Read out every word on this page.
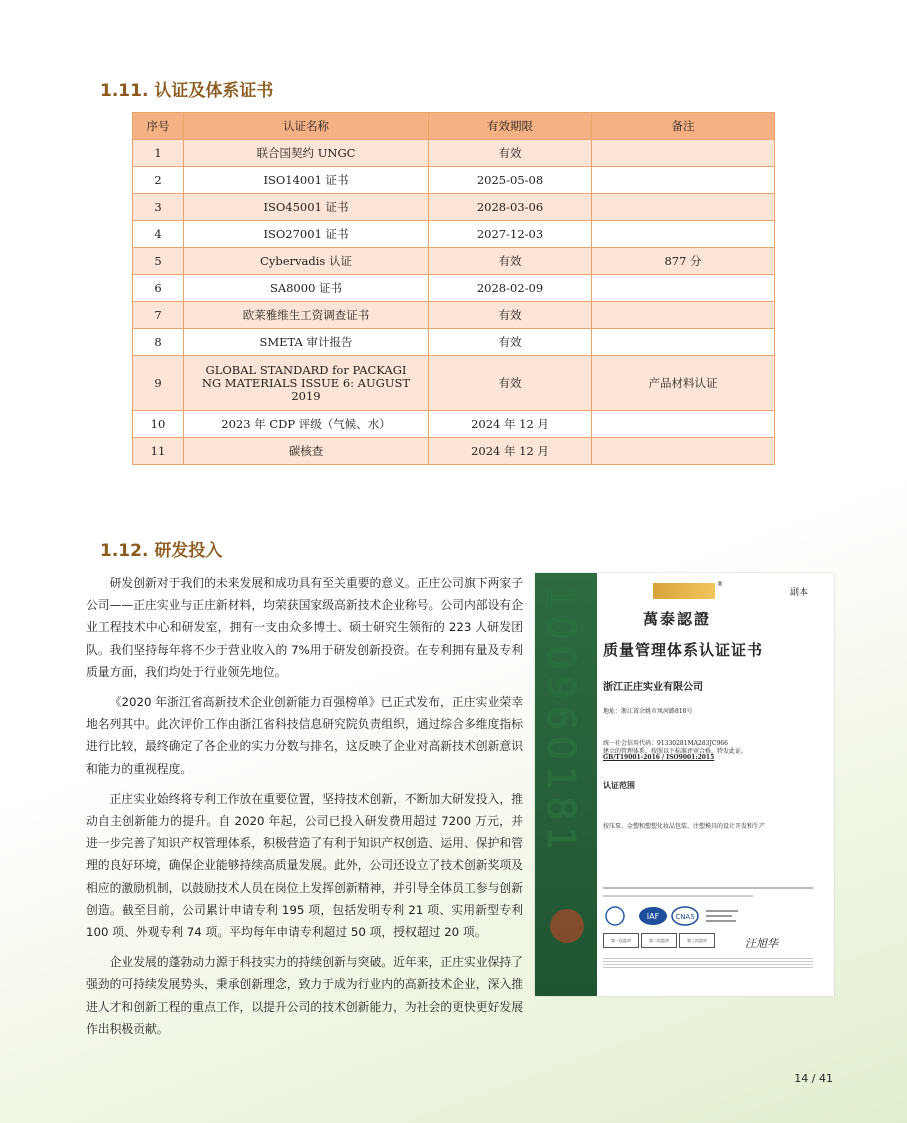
1.11. 认证及体系证书
序号	认证名称	有效期限	备注
1	联合国契约 UNGC	有效	
2	ISO14001 证书	2025-05-08	
3	ISO45001 证书	2028-03-06	
4	ISO27001 证书	2027-12-03	
5	Cybervadis 认证	有效	877 分
6	SA8000 证书	2028-02-09	
7	欧莱雅维生工资调查证书	有效	
8	SMETA 审计报告	有效	
9	GLOBAL STANDARD for PACKAGING MATERIALS ISSUE 6: AUGUST 2019	有效	产品材料认证
10	2023 年 CDP 评级（气候、水）	2024 年 12 月	
11	碳核查	2024 年 12 月	
1.12. 研发投入

研发创新对于我们的未来发展和成功具有至关重要的意义。正庄公司旗下两家子公司——正庄实业与正庄新材料，均荣获国家级高新技术企业称号。公司内部设有企业工程技术中心和研发室，拥有一支由众多博士、硕士研究生领衔的 223 人研发团队。我们坚持每年将不少于营业收入的 7%用于研发创新投资。在专利拥有量及专利质量方面，我们均处于行业领先地位。

《2020 年浙江省高新技术企业创新能力百强榜单》已正式发布，正庄实业荣幸地名列其中。此次评价工作由浙江省科技信息研究院负责组织，通过综合多维度指标进行比较，最终确定了各企业的实力分数与排名，这反映了企业对高新技术创新意识和能力的重视程度。

正庄实业始终将专利工作放在重要位置，坚持技术创新，不断加大研发投入，推动自主创新能力的提升。自 2020 年起，公司已投入研发费用超过 7200 万元，并进一步完善了知识产权管理体系，积极营造了有利于知识产权创造、运用、保护和管理的良好环境，确保企业能够持续高质量发展。此外，公司还设立了技术创新奖项及相应的激励机制，以鼓励技术人员在岗位上发挥创新精神，并引导全体员工参与创新创造。截至目前，公司累计申请专利 195 项，包括发明专利 21 项、实用新型专利 100 项、外观专利 74 项。平均每年申请专利超过 50 项，授权超过 20 项。

企业发展的蓬勃动力源于科技实力的持续创新与突破。近年来，正庄实业保持了强劲的可持续发展势头，秉承创新理念，致力于成为行业内的高新技术企业，深入推进人才和创新工程的重点工作，以提升公司的技术创新能力，为社会的更快更好发展作出积极贡献。

100960181
®
副本
萬泰認證
质量管理体系认证证书
浙江正庄实业有限公司
地址：浙江省余姚市凤河路818号
统一社会信用代码：91330281MA283JC966
建立的管理体系，按照以下标准评审合格，特发此证。
GB/T19001-2016 / ISO9001:2015
认证范围
按压泵、金塑和塑塑化妆品包装、注塑模具的设计开发和生产
IAF CNAS
第一次监审	第二次监审	第三次监审	汪旭华
14 / 41
